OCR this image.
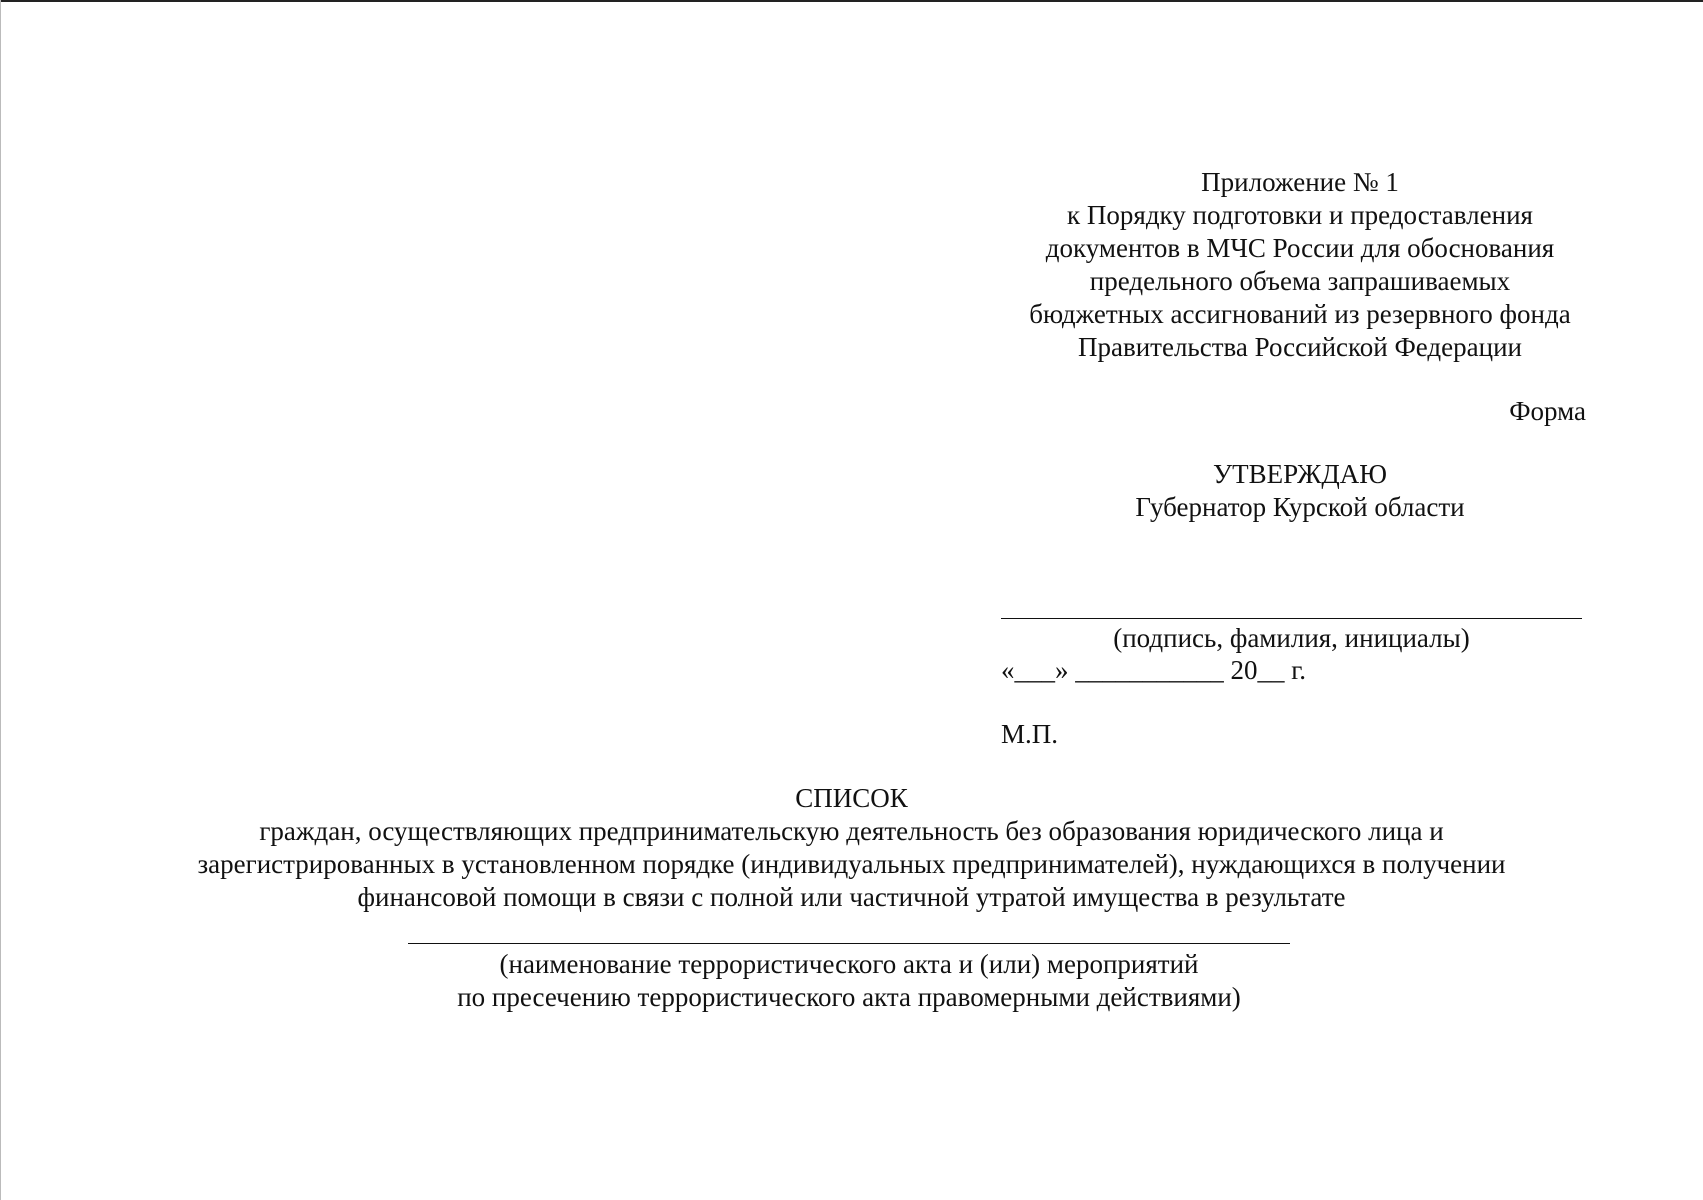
Приложение № 1
к Порядку подготовки и предоставления
документов в МЧС России для обоснования
предельного объема запрашиваемых
бюджетных ассигнований из резервного фонда
Правительства Российской Федерации
Форма
УТВЕРЖДАЮ
Губернатор Курской области
(подпись, фамилия, инициалы)
«___» ___________ 20__ г.
М.П.
СПИСОК
граждан, осуществляющих предпринимательскую деятельность без образования юридического лица и
зарегистрированных в установленном порядке (индивидуальных предпринимателей), нуждающихся в получении
финансовой помощи в связи с полной или частичной утратой имущества в результате
(наименование террористического акта и (или) мероприятий
по пресечению террористического акта правомерными действиями)
